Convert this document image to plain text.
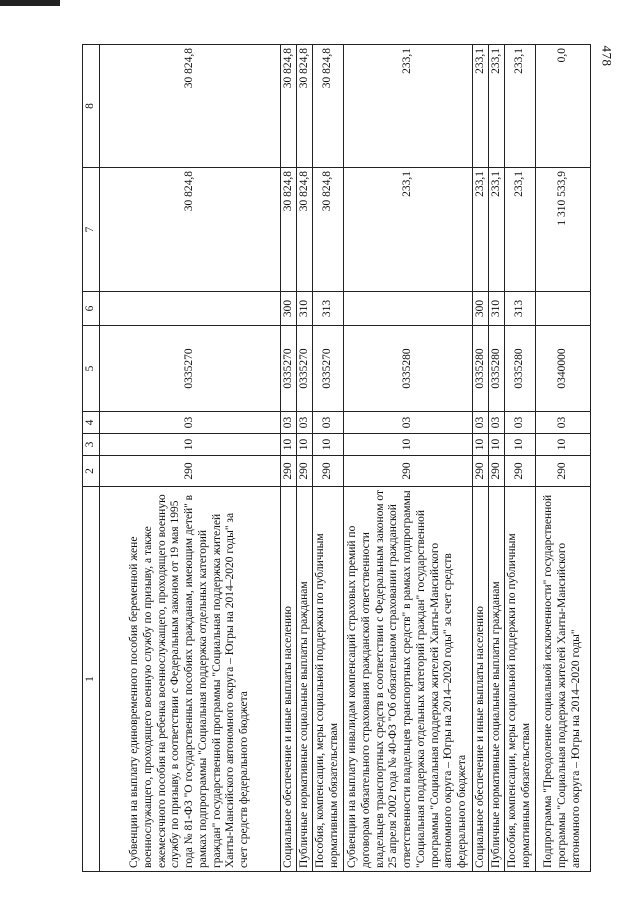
478
1	2	3	4	5	6	7	8
Субвенции на выплату единовременного пособия беременной жене военнослужащего, проходящего военную службу по призыву, а также ежемесячного пособия на ребенка военнослужащего, проходящего военную службу по призыву, в соответствии с Федеральным законом от 19 мая 1995 года № 81-ФЗ "О государственных пособиях гражданам, имеющим детей" в рамках подпрограммы "Социальная поддержка отдельных категорий граждан" государственной программы "Социальная поддержка жителей Ханты-Мансийского автономного округа – Югры на 2014–2020 годы" за счет средств федерального бюджета	290	10	03	0335270		30 824,8	30 824,8
Социальное обеспечение и иные выплаты населению	290	10	03	0335270	300	30 824,8	30 824,8
Публичные нормативные социальные выплаты гражданам	290	10	03	0335270	310	30 824,8	30 824,8
Пособия, компенсации, меры социальной поддержки по публичным нормативным обязательствам	290	10	03	0335270	313	30 824,8	30 824,8
Субвенции на выплату инвалидам компенсаций страховых премий по договорам обязательного страхования гражданской ответственности владельцев транспортных средств в соответствии с Федеральным законом от 25 апреля 2002 года № 40-ФЗ "Об обязательном страховании гражданской ответственности владельцев транспортных средств" в рамках подпрограммы "Социальная поддержка отдельных категорий граждан" государственной программы "Социальная поддержка жителей Ханты-Мансийского автономного округа – Югры на 2014–2020 годы" за счет средств федерального бюджета	290	10	03	0335280		233,1	233,1
Социальное обеспечение и иные выплаты населению	290	10	03	0335280	300	233,1	233,1
Публичные нормативные социальные выплаты гражданам	290	10	03	0335280	310	233,1	233,1
Пособия, компенсации, меры социальной поддержки по публичным нормативным обязательствам	290	10	03	0335280	313	233,1	233,1
Подпрограмма "Преодоление социальной исключенности" государственной программы "Социальная поддержка жителей Ханты-Мансийского автономного округа – Югры на 2014–2020 годы"	290	10	03	0340000		1 310 533,9	0,0
